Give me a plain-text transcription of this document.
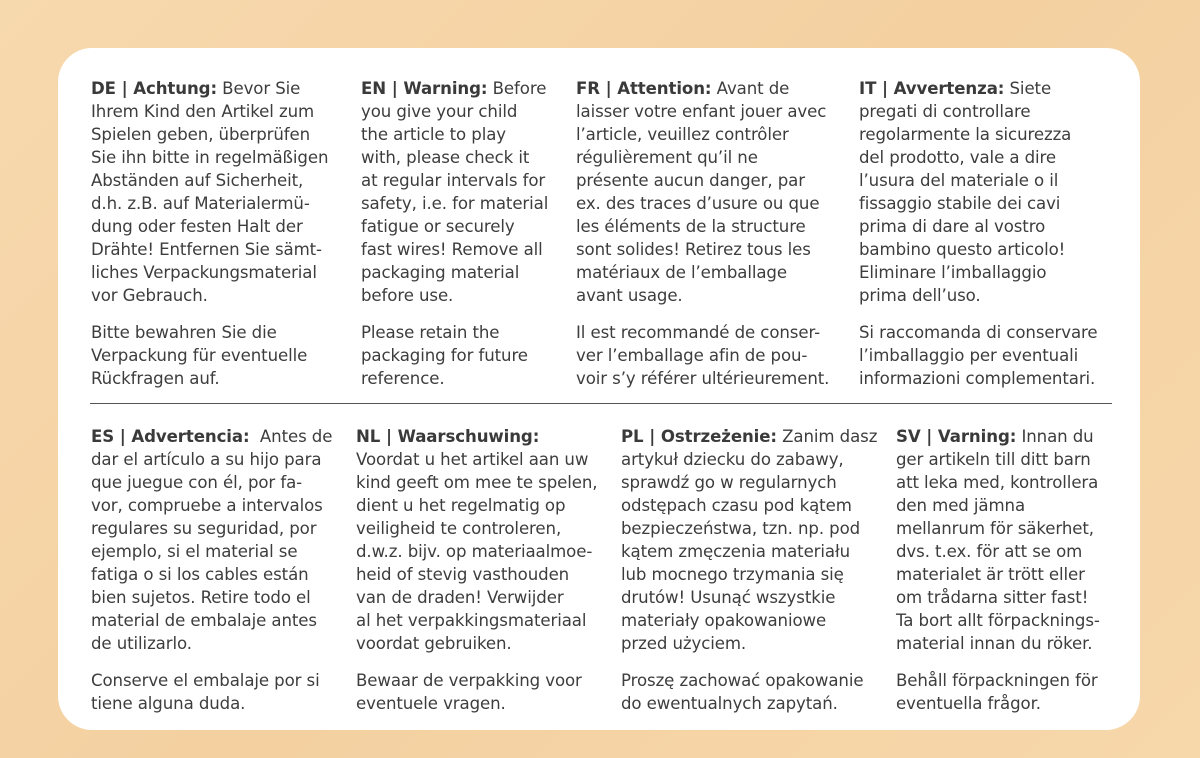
DE | Achtung: Bevor Sie
Ihrem Kind den Artikel zum
Spielen geben, überprüfen
Sie ihn bitte in regelmäßigen
Abständen auf Sicherheit,
d.h. z.B. auf Materialermü-
dung oder festen Halt der
Drähte! Entfernen Sie sämt-
liches Verpackungsmaterial
vor Gebrauch.

Bitte bewahren Sie die
Verpackung für eventuelle
Rückfragen auf.

EN | Warning: Before
you give your child
the article to play
with, please check it
at regular intervals for
safety, i.e. for material
fatigue or securely
fast wires! Remove all
packaging material
before use.

Please retain the
packaging for future
reference.

FR | Attention: Avant de
laisser votre enfant jouer avec
l’article, veuillez contrôler
régulièrement qu’il ne
présente aucun danger, par
ex. des traces d’usure ou que
les éléments de la structure
sont solides! Retirez tous les
matériaux de l’emballage
avant usage.

Il est recommandé de conser-
ver l’emballage afin de pou-
voir s’y référer ultérieurement.

IT | Avvertenza: Siete
pregati di controllare
regolarmente la sicurezza
del prodotto, vale a dire
l’usura del materiale o il
fissaggio stabile dei cavi
prima di dare al vostro
bambino questo articolo!
Eliminare l’imballaggio
prima dell’uso.

Si raccomanda di conservare
l’imballaggio per eventuali
informazioni complementari.

ES | Advertencia:  Antes de
dar el artículo a su hijo para
que juegue con él, por fa-
vor, compruebe a intervalos
regulares su seguridad, por
ejemplo, si el material se
fatiga o si los cables están
bien sujetos. Retire todo el
material de embalaje antes
de utilizarlo.

Conserve el embalaje por si
tiene alguna duda.

NL | Waarschuwing:
Voordat u het artikel aan uw
kind geeft om mee te spelen,
dient u het regelmatig op
veiligheid te controleren,
d.w.z. bijv. op materiaalmoe-
heid of stevig vasthouden
van de draden! Verwijder
al het verpakkingsmateriaal
voordat gebruiken.

Bewaar de verpakking voor
eventuele vragen.

PL | Ostrzeżenie: Zanim dasz
artykuł dziecku do zabawy,
sprawdź go w regularnych
odstępach czasu pod kątem
bezpieczeństwa, tzn. np. pod
kątem zmęczenia materiału
lub mocnego trzymania się
drutów! Usunąć wszystkie
materiały opakowaniowe
przed użyciem.

Proszę zachować opakowanie
do ewentualnych zapytań.

SV | Varning: Innan du
ger artikeln till ditt barn
att leka med, kontrollera
den med jämna
mellanrum för säkerhet,
dvs. t.ex. för att se om
materialet är trött eller
om trådarna sitter fast!
Ta bort allt förpacknings-
material innan du röker.

Behåll förpackningen för
eventuella frågor.
